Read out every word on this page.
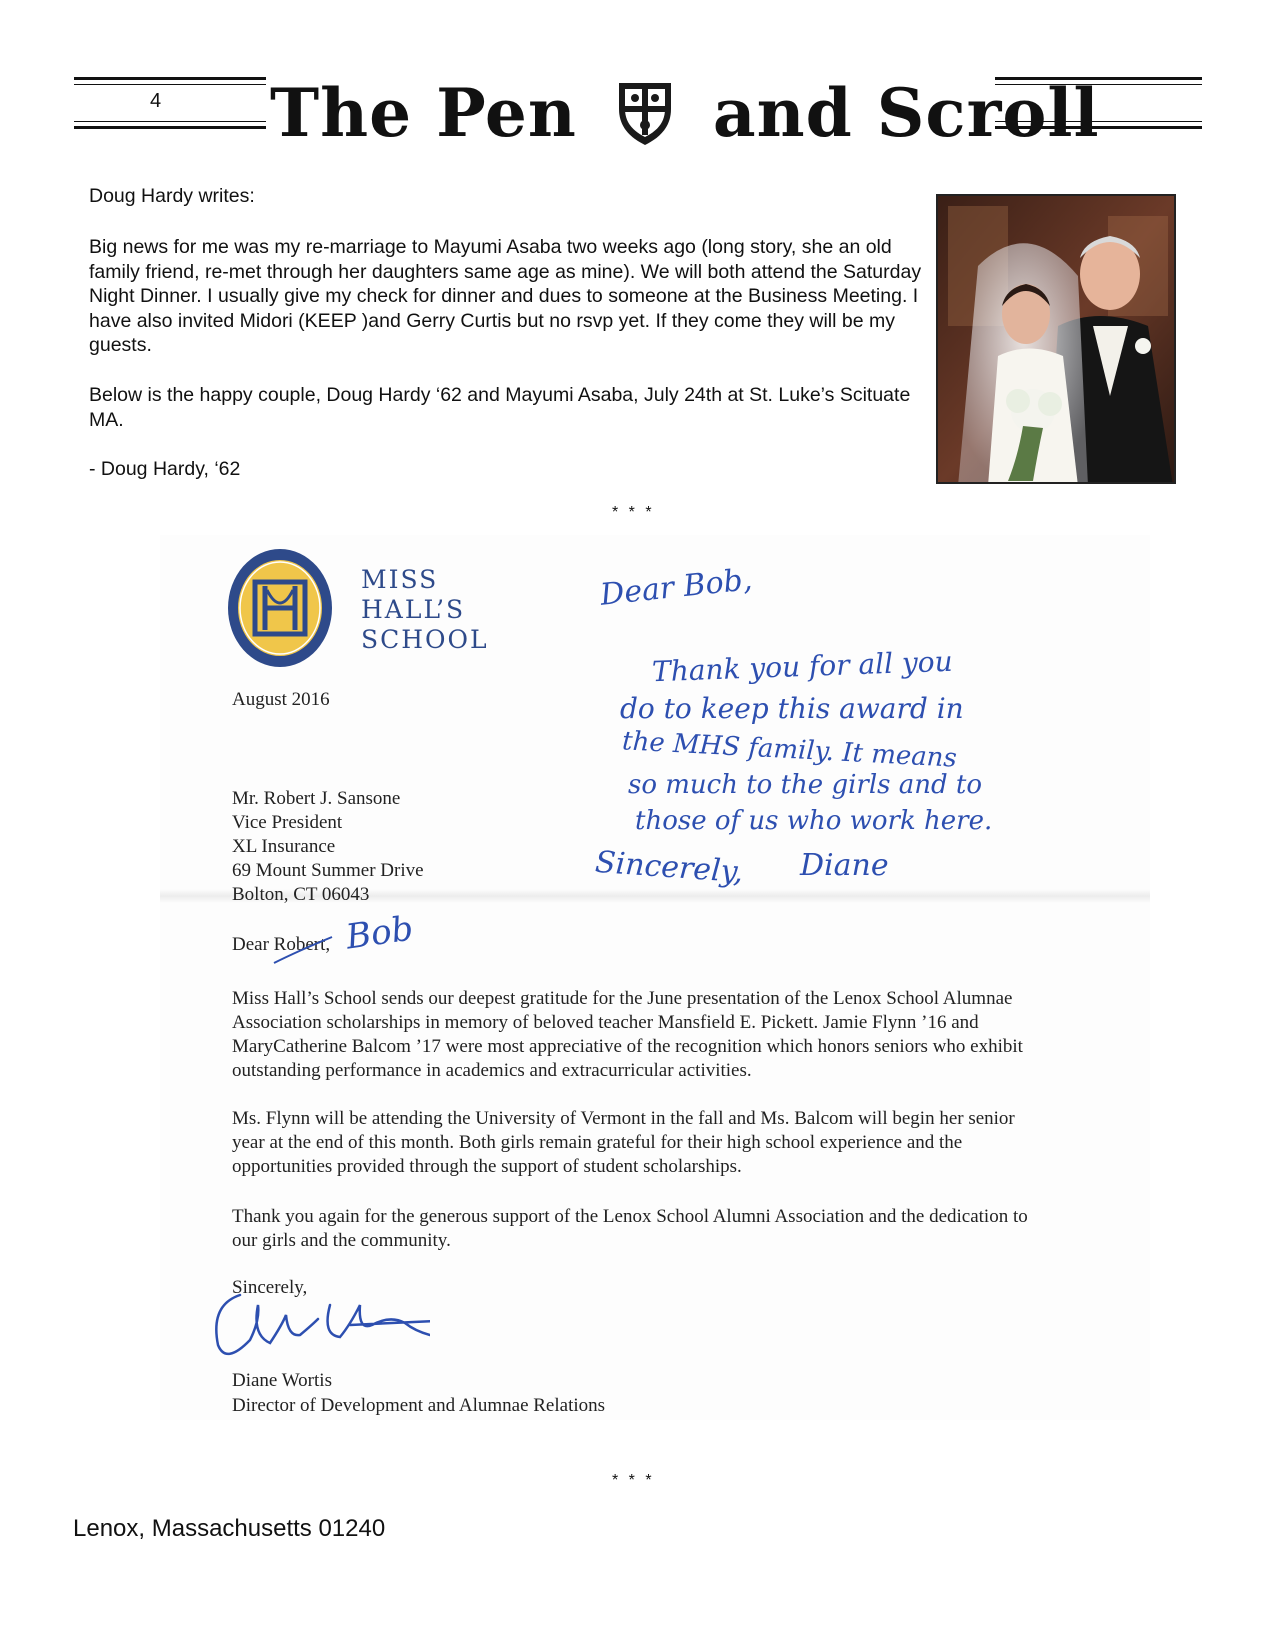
4 The Pen and Scroll
Doug Hardy writes:
Big news for me was my re-marriage to Mayumi Asaba two weeks ago (long story, she an old family friend, re-met through her daughters same age as mine). We will both attend the Saturday Night Dinner. I usually give my check for dinner and dues to someone at the Business Meeting. I have also invited Midori (KEEP )and Gerry Curtis but no rsvp yet. If they come they will be my guests.
Below is the happy couple, Doug Hardy ‘62 and Mayumi Asaba, July 24th at St. Luke’s Scituate MA.
- Doug Hardy, ‘62
* * *
MISS
HALL’S
SCHOOL
August 2016
Mr. Robert J. Sansone
Vice President
XL Insurance
69 Mount Summer Drive
Bolton, CT 06043
Dear Robert, Bob
Dear Bob,
Thank you for all you
do to keep this award in
the MHS family. It means
so much to the girls and to
those of us who work here.
Sincerely, Diane
Miss Hall’s School sends our deepest gratitude for the June presentation of the Lenox School Alumnae Association scholarships in memory of beloved teacher Mansfield E. Pickett. Jamie Flynn ’16 and MaryCatherine Balcom ’17 were most appreciative of the recognition which honors seniors who exhibit outstanding performance in academics and extracurricular activities.
Ms. Flynn will be attending the University of Vermont in the fall and Ms. Balcom will begin her senior year at the end of this month. Both girls remain grateful for their high school experience and the opportunities provided through the support of student scholarships.
Thank you again for the generous support of the Lenox School Alumni Association and the dedication to our girls and the community.
Sincerely,
Diane Wortis
Director of Development and Alumnae Relations
* * *
Lenox, Massachusetts 01240
